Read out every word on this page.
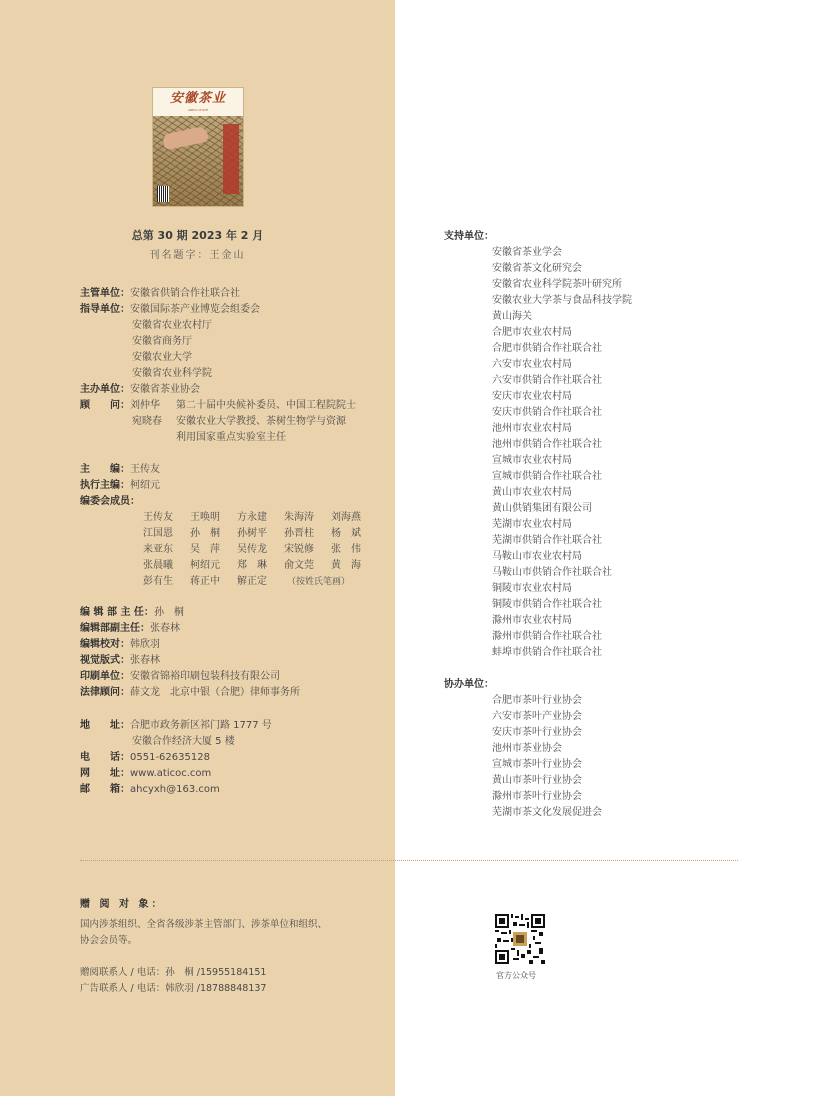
安徽茶业
ANHUI CHAYE
总第 30 期 2023 年 2 月
刊名题字：王金山
主管单位：安徽省供销合作社联合社
指导单位：安徽国际茶产业博览会组委会
安徽省农业农村厅
安徽省商务厅
安徽农业大学
安徽省农业科学院
主办单位：安徽省茶业协会
顾　　问：刘仲华 第二十届中央候补委员、中国工程院院士
宛晓春 安徽农业大学教授、茶树生物学与资源
利用国家重点实验室主任
主　　编：王传友
执行主编：柯绍元
编委会成员：
王传友 王唤明 方永建 朱海涛 刘海燕
江国恩 孙　桐 孙树平 孙晋柱 杨　斌
来亚东 吴　萍 吴传龙 宋锐修 张　伟
张晨曦 柯绍元 郑　琳 俞文莞 黄　海
彭有生 蒋正中 解正定 （按姓氏笔画）
编 辑 部 主 任：孙　桐
编辑部副主任：张春林
编辑校对：韩欣羽
视觉版式：张春林
印刷单位：安徽省锦裕印刷包装科技有限公司
法律顾问：薛文龙　北京中银（合肥）律师事务所
地　　址：合肥市政务新区祁门路 1777 号
安徽合作经济大厦 5 楼
电　　话：0551-62635128
网　　址：www.aticoc.com
邮　　箱：ahcyxh@163.com
支持单位：
安徽省茶业学会
安徽省茶文化研究会
安徽省农业科学院茶叶研究所
安徽农业大学茶与食品科技学院
黄山海关
合肥市农业农村局
合肥市供销合作社联合社
六安市农业农村局
六安市供销合作社联合社
安庆市农业农村局
安庆市供销合作社联合社
池州市农业农村局
池州市供销合作社联合社
宣城市农业农村局
宣城市供销合作社联合社
黄山市农业农村局
黄山供销集团有限公司
芜湖市农业农村局
芜湖市供销合作社联合社
马鞍山市农业农村局
马鞍山市供销合作社联合社
铜陵市农业农村局
铜陵市供销合作社联合社
滁州市农业农村局
滁州市供销合作社联合社
蚌埠市供销合作社联合社
协办单位：
合肥市茶叶行业协会
六安市茶叶产业协会
安庆市茶叶行业协会
池州市茶业协会
宣城市茶叶行业协会
黄山市茶叶行业协会
滁州市茶叶行业协会
芜湖市茶文化发展促进会
赠 阅 对 象：
国内涉茶组织、全省各级涉茶主管部门、涉茶单位和组织、
协会会员等。
赠阅联系人 / 电话：孙　桐 /15955184151
广告联系人 / 电话：韩欣羽 /18788848137
官方公众号
